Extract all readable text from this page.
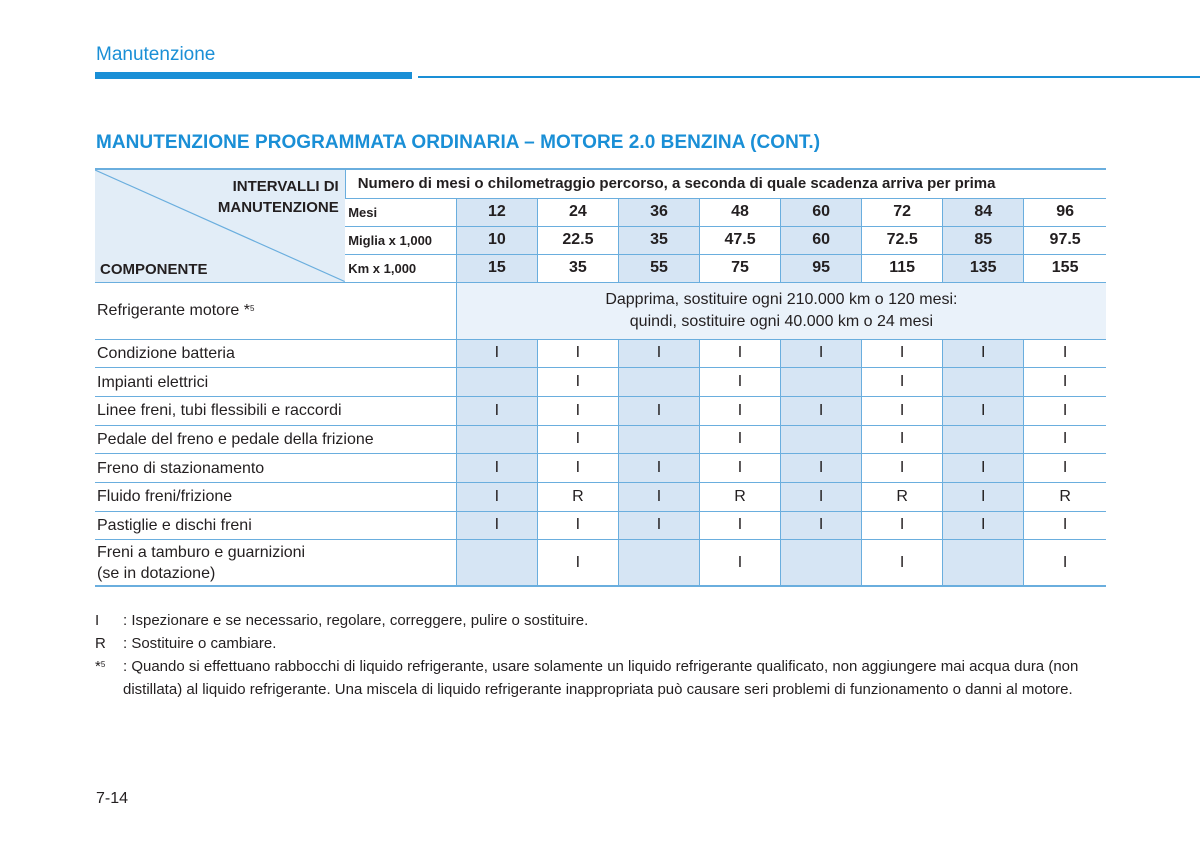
Manutenzione
MANUTENZIONE PROGRAMMATA ORDINARIA – MOTORE 2.0 BENZINA (CONT.)
INTERVALLI DI
MANUTENZIONE
COMPONENTE	Numero di mesi o chilometraggio percorso, a seconda di quale scadenza arriva per prima								
	Mesi	12	24	36	48	60	72	84	96
	Miglia x 1,000	10	22.5	35	47.5	60	72.5	85	97.5
	Km x 1,000	15	35	55	75	95	115	135	155
Refrigerante motore *$^5$		Dapprima, sostituire ogni 210.000 km o 120 mesi:
quindi, sostituire ogni 40.000 km o 24 mesi							

Condizione batteria		I	I	I	I	I	I	I	I
Impianti elettrici			I		I		I		I
Linee freni, tubi flessibili e raccordi		I	I	I	I	I	I	I	I
Pedale del freno e pedale della frizione			I		I		I		I
Freno di stazionamento		I	I	I	I	I	I	I	I
Fluido freni/frizione		I	R	I	R	I	R	I	R
Pastiglie e dischi freni		I	I	I	I	I	I	I	I

Freni a tamburo e guarnizioni
(se in dotazione)			I		I		I		I
I	: Ispezionare e se necessario, regolare, correggere, pulire o sostituire.
R	: Sostituire o cambiare.
*$^5$	: Quando si effettuano rabbocchi di liquido refrigerante, usare solamente un liquido refrigerante qualificato, non aggiungere mai acqua dura (non distillata) al liquido refrigerante. Una miscela di liquido refrigerante inappropriata può causare seri problemi di funzionamento o danni al motore.
7-14
